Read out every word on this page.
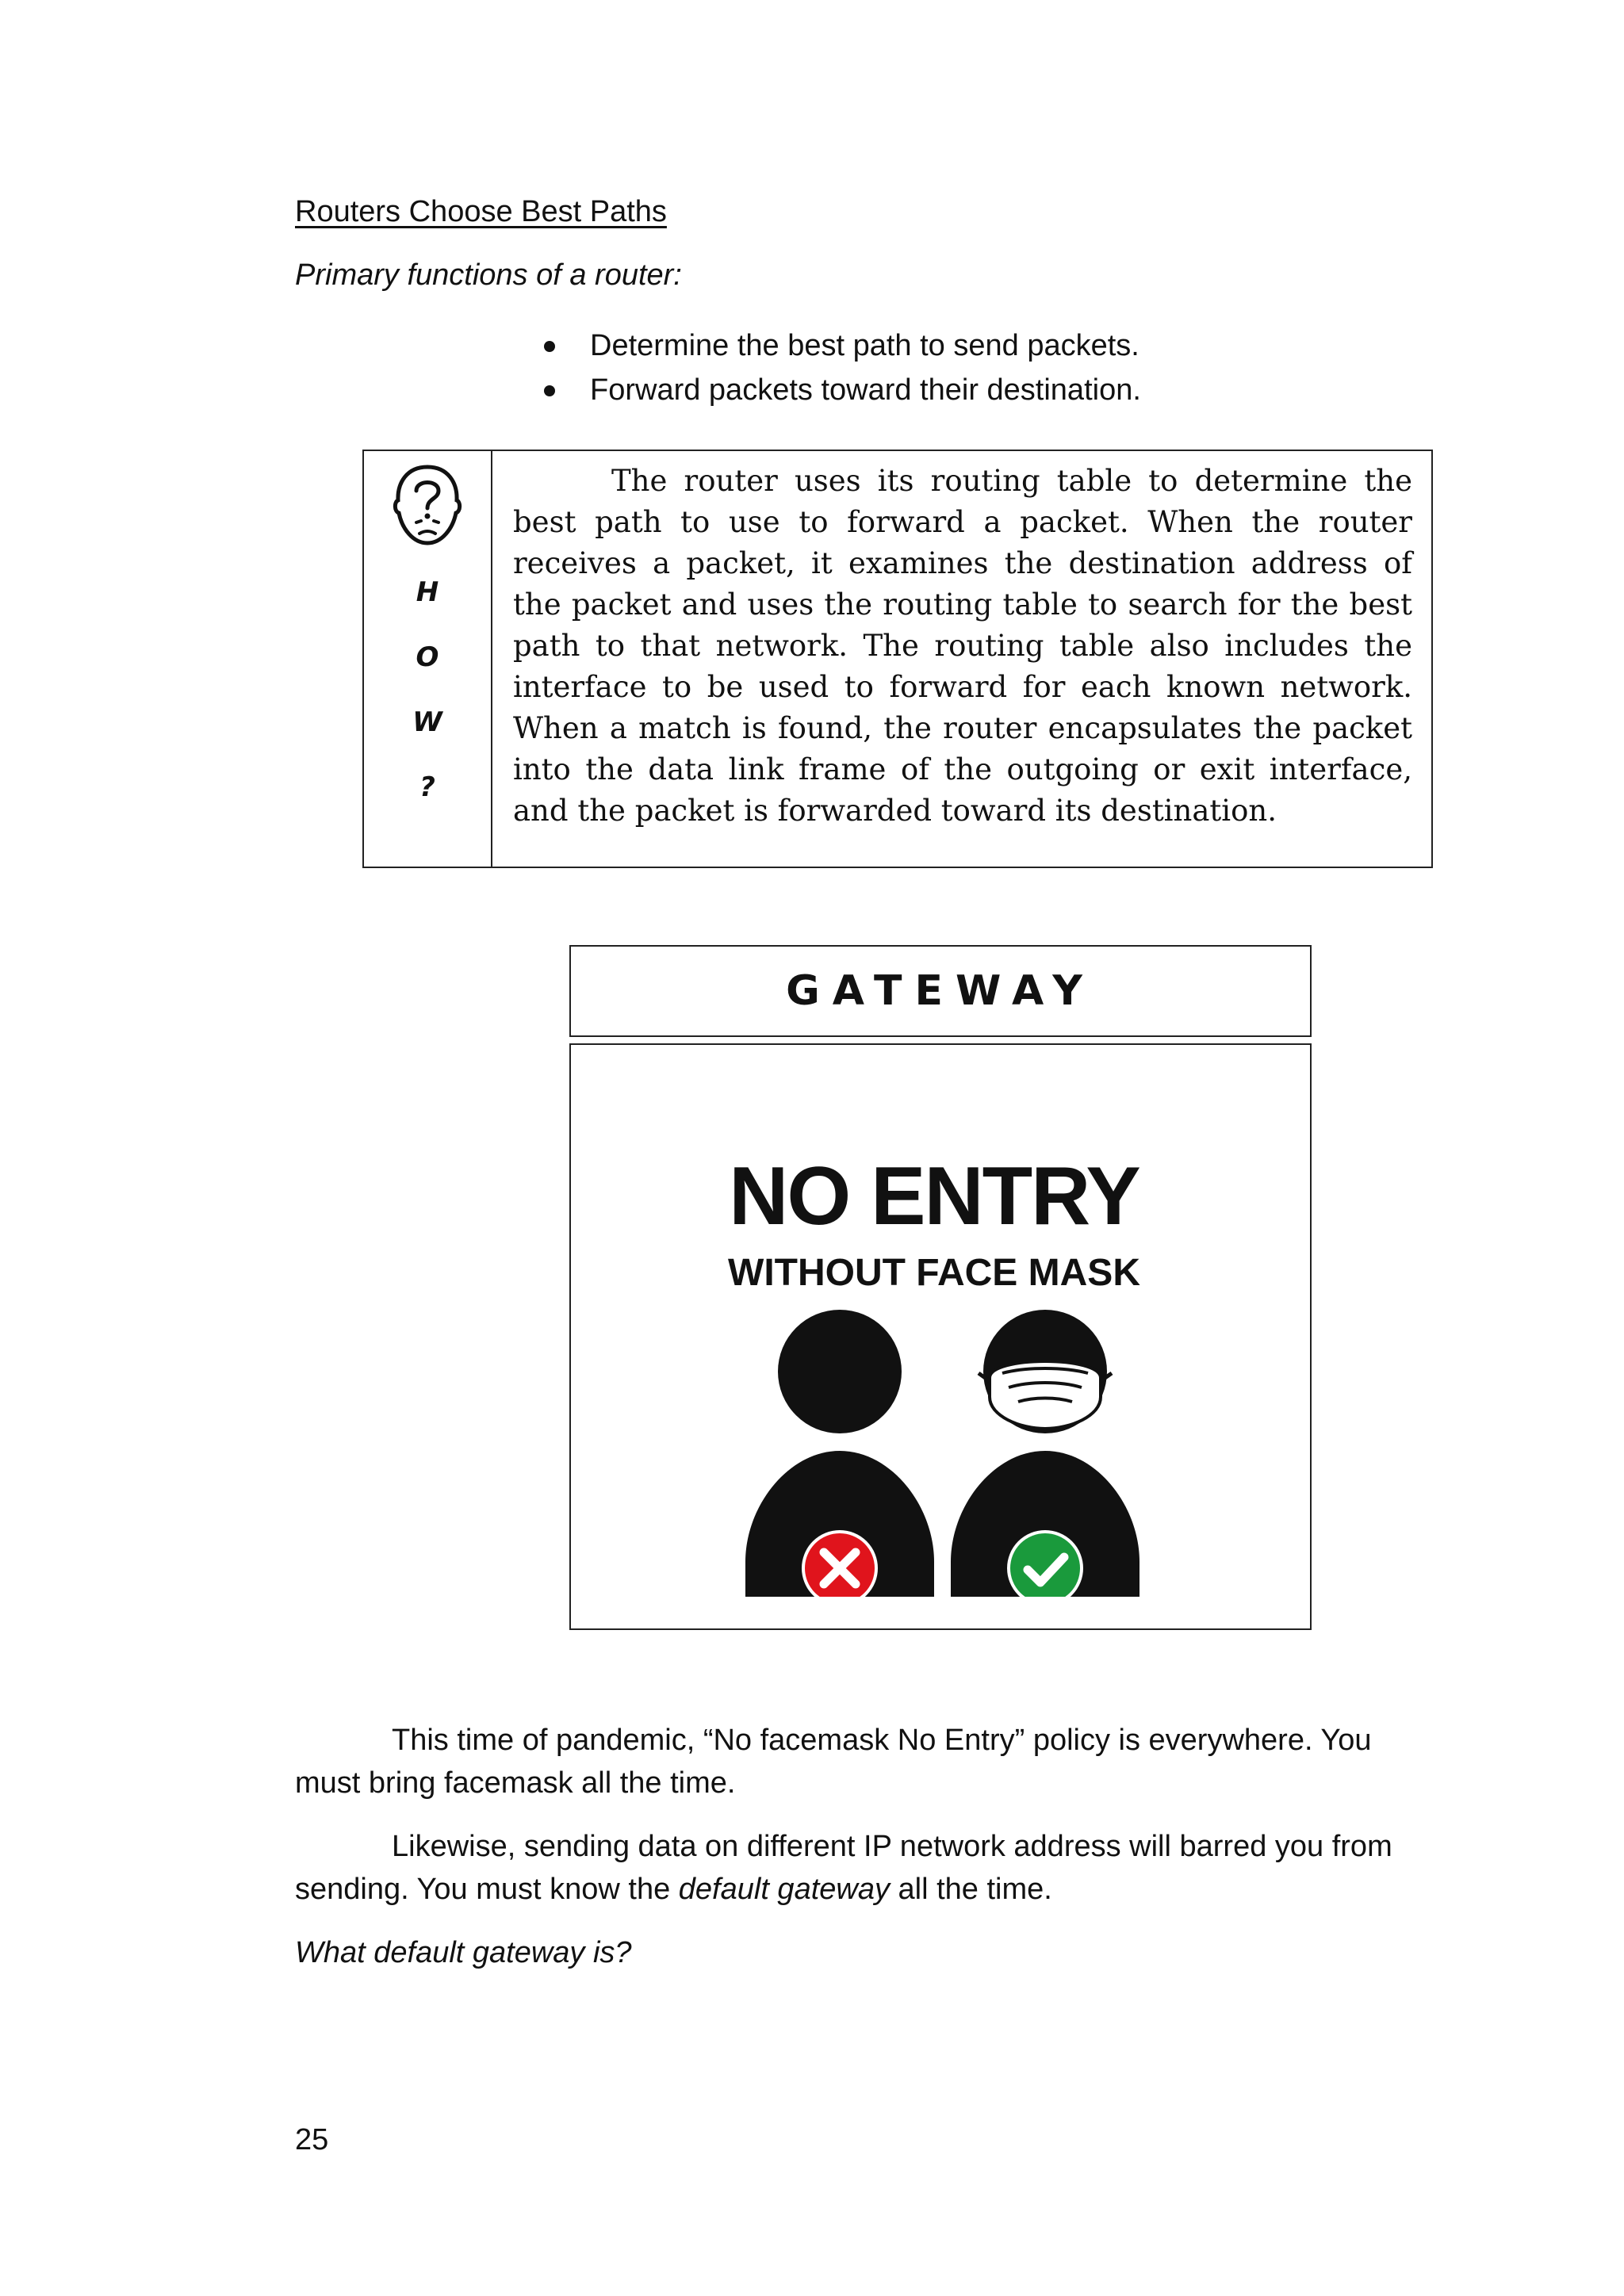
Routers Choose Best Paths
Primary functions of a router:
Determine the best path to send packets.
Forward packets toward their destination.
H
O
W
?
The router uses its routing table to determine the best path to use to forward a packet. When the router receives a packet, it examines the destination address of the packet and uses the routing table to search for the best path to that network. The routing table also includes the interface to be used to forward for each known network. When a match is found, the router encapsulates the packet into the data link frame of the outgoing or exit interface, and the packet is forwarded toward its destination.
GATEWAY
NO ENTRY
WITHOUT FACE MASK

This time of pandemic, “No facemask No Entry” policy is everywhere. You must bring facemask all the time.

Likewise, sending data on different IP network address will barred you from sending. You must know the default gateway all the time.

What default gateway is?
25
